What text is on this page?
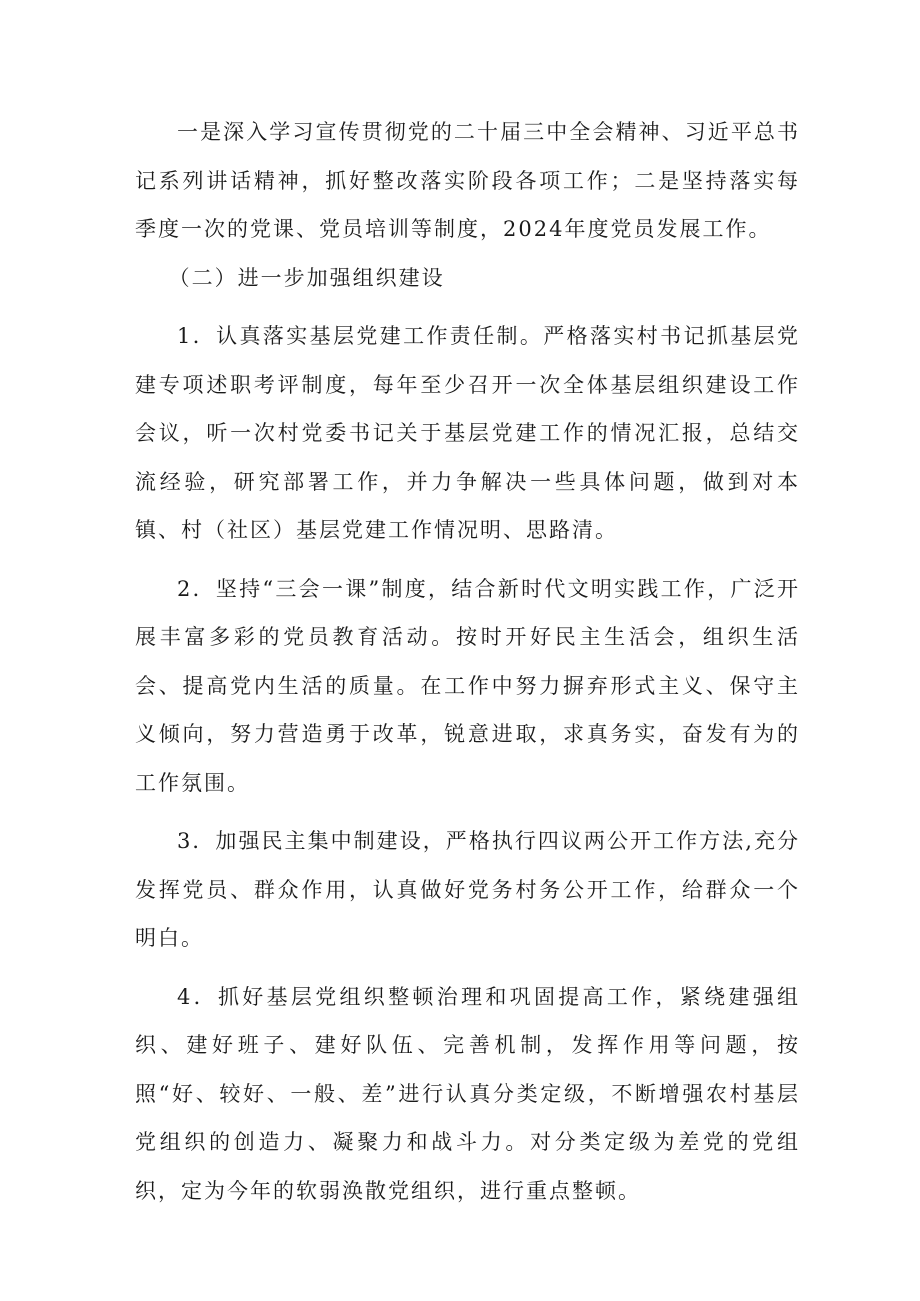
一是深入学习宣传贯彻党的二十届三中全会精神、习近平总书记系列讲话精神，抓好整改落实阶段各项工作；二是坚持落实每季度一次的党课、党员培训等制度，2024年度党员发展工作。

（二）进一步加强组织建设

1．认真落实基层党建工作责任制。严格落实村书记抓基层党建专项述职考评制度，每年至少召开一次全体基层组织建设工作会议，听一次村党委书记关于基层党建工作的情况汇报，总结交流经验，研究部署工作，并力争解决一些具体问题，做到对本镇、村（社区）基层党建工作情况明、思路清。

2．坚持“三会一课”制度，结合新时代文明实践工作，广泛开展丰富多彩的党员教育活动。按时开好民主生活会，组织生活会、提高党内生活的质量。在工作中努力摒弃形式主义、保守主义倾向，努力营造勇于改革，锐意进取，求真务实，奋发有为的工作氛围。

3．加强民主集中制建设，严格执行四议两公开工作方法,充分发挥党员、群众作用，认真做好党务村务公开工作，给群众一个明白。

4．抓好基层党组织整顿治理和巩固提高工作，紧绕建强组织、建好班子、建好队伍、完善机制，发挥作用等问题，按照“好、较好、一般、差”进行认真分类定级，不断增强农村基层党组织的创造力、凝聚力和战斗力。对分类定级为差党的党组织，定为今年的软弱涣散党组织，进行重点整顿。
